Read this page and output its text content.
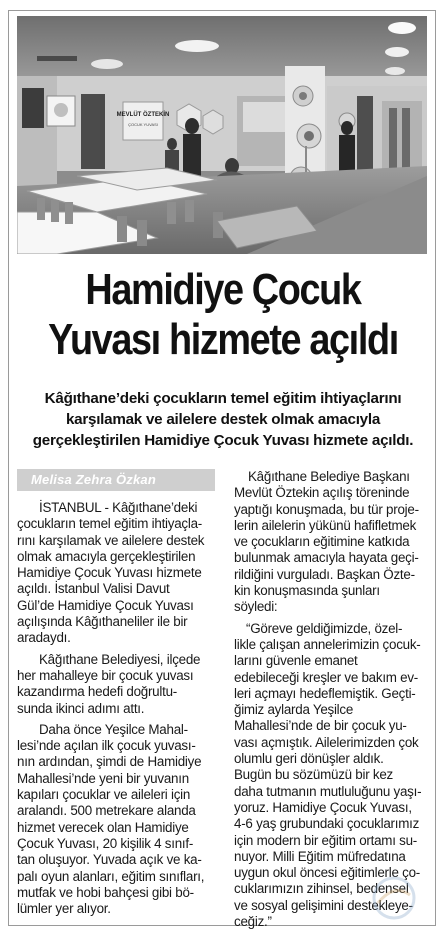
MEVLÜT ÖZTEKİN
ÇOCUK YUVASI
Hamidiye Çocuk
Yuvası hizmete açıldı
Kâğıthane’deki çocukların temel eğitim ihtiyaçlarını
karşılamak ve ailelere destek olmak amacıyla
gerçekleştirilen Hamidiye Çocuk Yuvası hizmete açıldı.
Melisa Zehra Özkan
İSTANBUL - Kâğıthane’deki
çocukların temel eğitim ihtiyaçla-
rını karşılamak ve ailelere destek
olmak amacıyla gerçekleştirilen
Hamidiye Çocuk Yuvası hizmete
açıldı. İstanbul Valisi Davut
Gül’de Hamidiye Çocuk Yuvası
açılışında Kâğıthaneliler ile bir
aradaydı.
Kâğıthane Belediyesi, ilçede
her mahalleye bir çocuk yuvası
kazandırma hedefi doğrultu-
sunda ikinci adımı attı.
Daha önce Yeşilce Mahal-
lesi’nde açılan ilk çocuk yuvası-
nın ardından, şimdi de Hamidiye
Mahallesi’nde yeni bir yuvanın
kapıları çocuklar ve aileleri için
aralandı. 500 metrekare alanda
hizmet verecek olan Hamidiye
Çocuk Yuvası, 20 kişilik 4 sınıf-
tan oluşuyor. Yuvada açık ve ka-
palı oyun alanları, eğitim sınıfları,
mutfak ve hobi bahçesi gibi bö-
lümler yer alıyor.
Kâğıthane Belediye Başkanı
Mevlüt Öztekin açılış töreninde
yaptığı konuşmada, bu tür proje-
lerin ailelerin yükünü hafifletmek
ve çocukların eğitimine katkıda
bulunmak amacıyla hayata geçi-
rildiğini vurguladı. Başkan Özte-
kin konuşmasında şunları
söyledi:
“Göreve geldiğimizde, özel-
likle çalışan annelerimizin çocuk-
larını güvenle emanet
edebileceği kreşler ve bakım ev-
leri açmayı hedeflemiştik. Geçti-
ğimiz aylarda Yeşilce
Mahallesi’nde de bir çocuk yu-
vası açmıştık. Ailelerimizden çok
olumlu geri dönüşler aldık.
Bugün bu sözümüzü bir kez
daha tutmanın mutluluğunu yaşı-
yoruz. Hamidiye Çocuk Yuvası,
4-6 yaş grubundaki çocuklarımız
için modern bir eğitim ortamı su-
nuyor. Milli Eğitim müfredatına
uygun okul öncesi eğitimlerle ço-
cuklarımızın zihinsel, bedensel
ve sosyal gelişimini destekleye-
ceğiz.”
